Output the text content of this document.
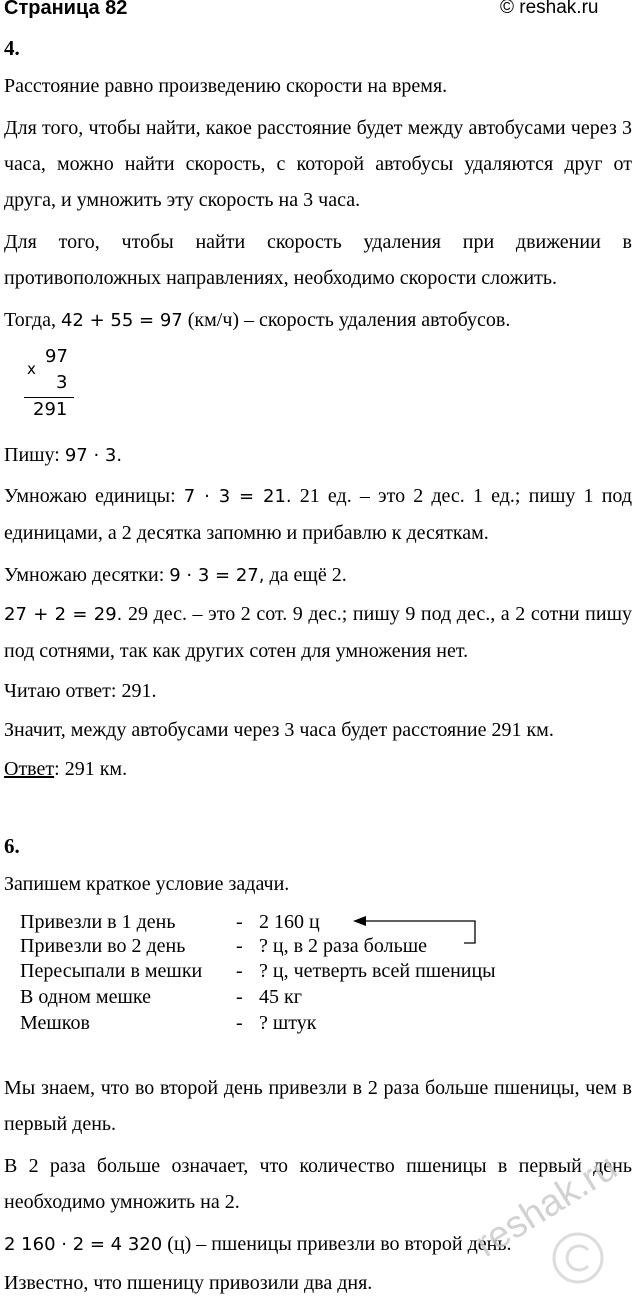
Страница 82	© reshak.ru
4.

Расстояние равно произведению скорости на время.

Для того, чтобы найти, какое расстояние будет между автобусами через 3 часа, можно найти скорость, с которой автобусы удаляются друг от друга, и умножить эту скорость на 3 часа.

Для того, чтобы найти скорость удаления при движении в противоположных направлениях, необходимо скорости сложить.

Тогда, 42 + 55 = 97 (км/ч) – скорость удаления автобусов.

x
97
3
291

Пишу: 97 · 3.

Умножаю единицы: 7 · 3 = 21. 21 ед. – это 2 дес. 1 ед.; пишу 1 под единицами, а 2 десятка запомню и прибавлю к десяткам.

Умножаю десятки: 9 · 3 = 27, да ещё 2.

27 + 2 = 29. 29 дес. – это 2 сот. 9 дес.; пишу 9 под дес., а 2 сотни пишу под сотнями, так как других сотен для умножения нет.

Читаю ответ: 291.

Значит, между автобусами через 3 часа будет расстояние 291 км.

Ответ: 291 км.

6.

Запишем краткое условие задачи.

Привезли в 1 день	- 2 160 ц
Привезли во 2 день	- ? ц, в 2 раза больше
Пересыпали в мешки - ? ц, четверть всей пшеницы
В одном мешке	- 45 кг
Мешков	- ? штук

Мы знаем, что во второй день привезли в 2 раза больше пшеницы, чем в первый день.

В 2 раза больше означает, что количество пшеницы в первый день необходимо умножить на 2.

2 160 · 2 = 4 320 (ц) – пшеницы привезли во второй день.

Известно, что пшеницу привозили два дня.

reshak.ru
